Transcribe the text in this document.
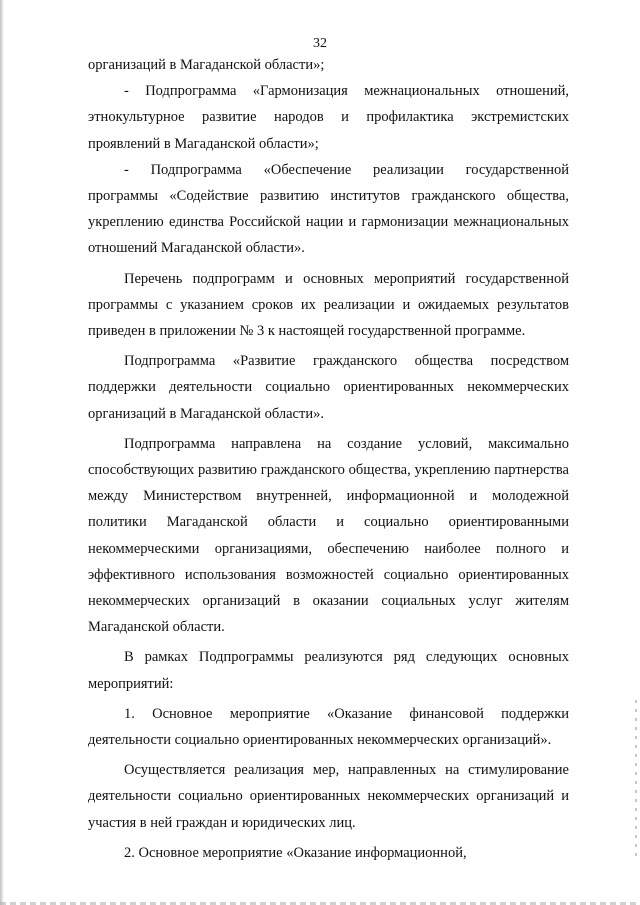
32

организаций в Магаданской области»;

- Подпрограмма «Гармонизация межнациональных отношений, этнокультурное развитие народов и профилактика экстремистских проявлений в Магаданской области»;

- Подпрограмма «Обеспечение реализации государственной программы «Содействие развитию институтов гражданского общества, укреплению единства Российской нации и гармонизации межнациональных отношений Магаданской области».

Перечень подпрограмм и основных мероприятий государственной программы с указанием сроков их реализации и ожидаемых результатов приведен в приложении № 3 к настоящей государственной программе.

Подпрограмма «Развитие гражданского общества посредством поддержки деятельности социально ориентированных некоммерческих организаций в Магаданской области».

Подпрограмма направлена на создание условий, максимально способствующих развитию гражданского общества, укреплению партнерства между Министерством внутренней, информационной и молодежной политики Магаданской области и социально ориентированными некоммерческими организациями, обеспечению наиболее полного и эффективного использования возможностей социально ориентированных некоммерческих организаций в оказании социальных услуг жителям Магаданской области.

В рамках Подпрограммы реализуются ряд следующих основных мероприятий:

1. Основное мероприятие «Оказание финансовой поддержки деятельности социально ориентированных некоммерческих организаций».

Осуществляется реализация мер, направленных на стимулирование деятельности социально ориентированных некоммерческих организаций и участия в ней граждан и юридических лиц.

2. Основное мероприятие «Оказание информационной,
